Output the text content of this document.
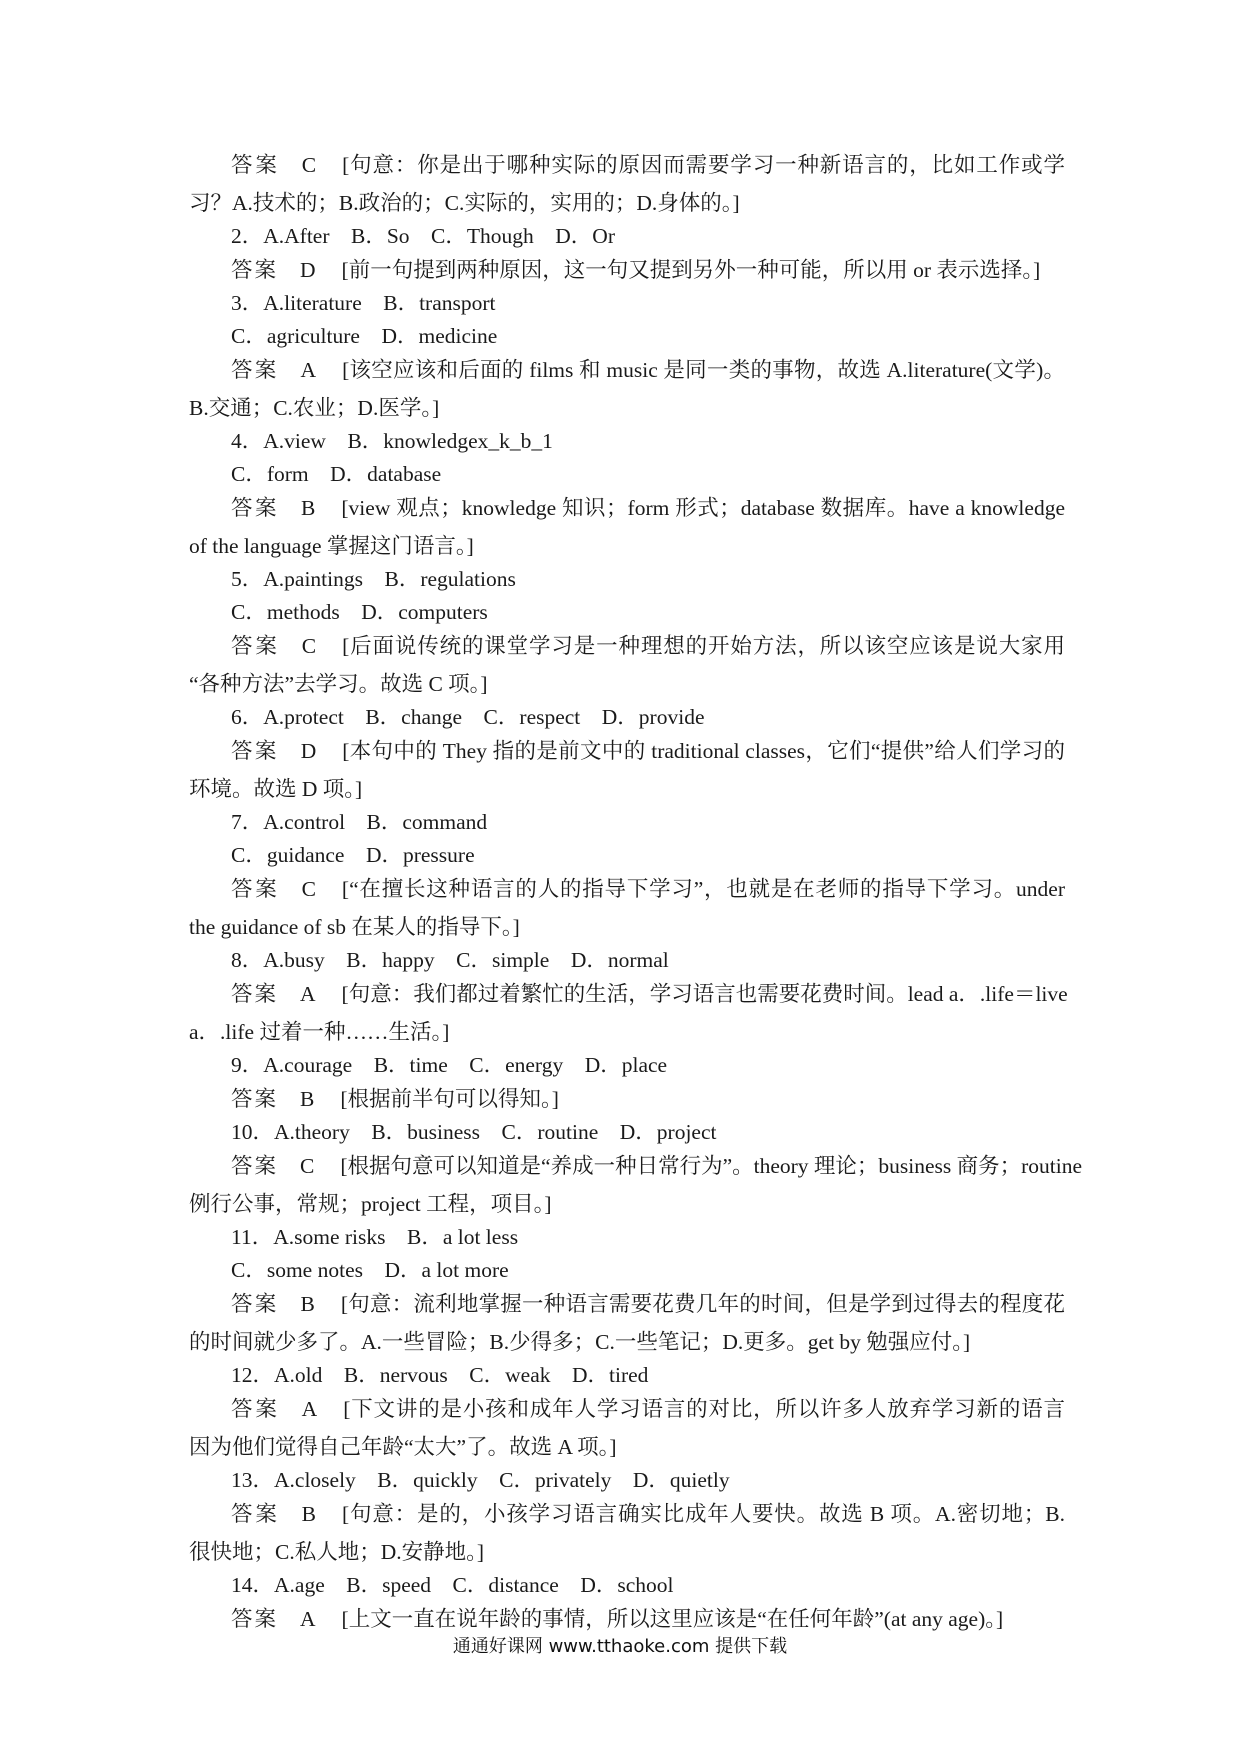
答案 C [句意：你是出于哪种实际的原因而需要学习一种新语言的，比如工作或学

习？A.技术的；B.政治的；C.实际的，实用的；D.身体的。]

2．A.After　B．So　C．Though　D．Or

答案 D [前一句提到两种原因，这一句又提到另外一种可能，所以用 or 表示选择。]

3．A.literature　B．transport

C．agriculture　D．medicine

答案 A [该空应该和后面的 films 和 music 是同一类的事物，故选 A.literature(文学)。

B.交通；C.农业；D.医学。]

4．A.view　B．knowledgex_k_b_1

C．form　D．database

答案 B [view 观点；knowledge 知识；form 形式；database 数据库。have a knowledge

of the language 掌握这门语言。]

5．A.paintings　B．regulations

C．methods　D．computers

答案 C [后面说传统的课堂学习是一种理想的开始方法，所以该空应该是说大家用

“各种方法”去学习。故选 C 项。]

6．A.protect　B．change　C．respect　D．provide

答案 D [本句中的 They 指的是前文中的 traditional classes，它们“提供”给人们学习的

环境。故选 D 项。]

7．A.control　B．command

C．guidance　D．pressure

答案 C [“在擅长这种语言的人的指导下学习”，也就是在老师的指导下学习。under

the guidance of sb 在某人的指导下。]

8．A.busy　B．happy　C．simple　D．normal

答案 A [句意：我们都过着繁忙的生活，学习语言也需要花费时间。lead a．.life＝live

a．.life 过着一种……生活。]

9．A.courage　B．time　C．energy　D．place

答案 B [根据前半句可以得知。]

10．A.theory　B．business　C．routine　D．project

答案 C [根据句意可以知道是“养成一种日常行为”。theory 理论；business 商务；routine

例行公事，常规；project 工程，项目。]

11．A.some risks　B．a lot less

C．some notes　D．a lot more

答案 B [句意：流利地掌握一种语言需要花费几年的时间，但是学到过得去的程度花

的时间就少多了。A.一些冒险；B.少得多；C.一些笔记；D.更多。get by 勉强应付。]

12．A.old　B．nervous　C．weak　D．tired

答案 A [下文讲的是小孩和成年人学习语言的对比，所以许多人放弃学习新的语言

因为他们觉得自己年龄“太大”了。故选 A 项。]

13．A.closely　B．quickly　C．privately　D．quietly

答案 B [句意：是的，小孩学习语言确实比成年人要快。故选 B 项。A.密切地；B.

很快地；C.私人地；D.安静地。]

14．A.age　B．speed　C．distance　D．school

答案 A [上文一直在说年龄的事情，所以这里应该是“在任何年龄”(at any age)。]

通通好课网 www.tthaoke.com 提供下载
